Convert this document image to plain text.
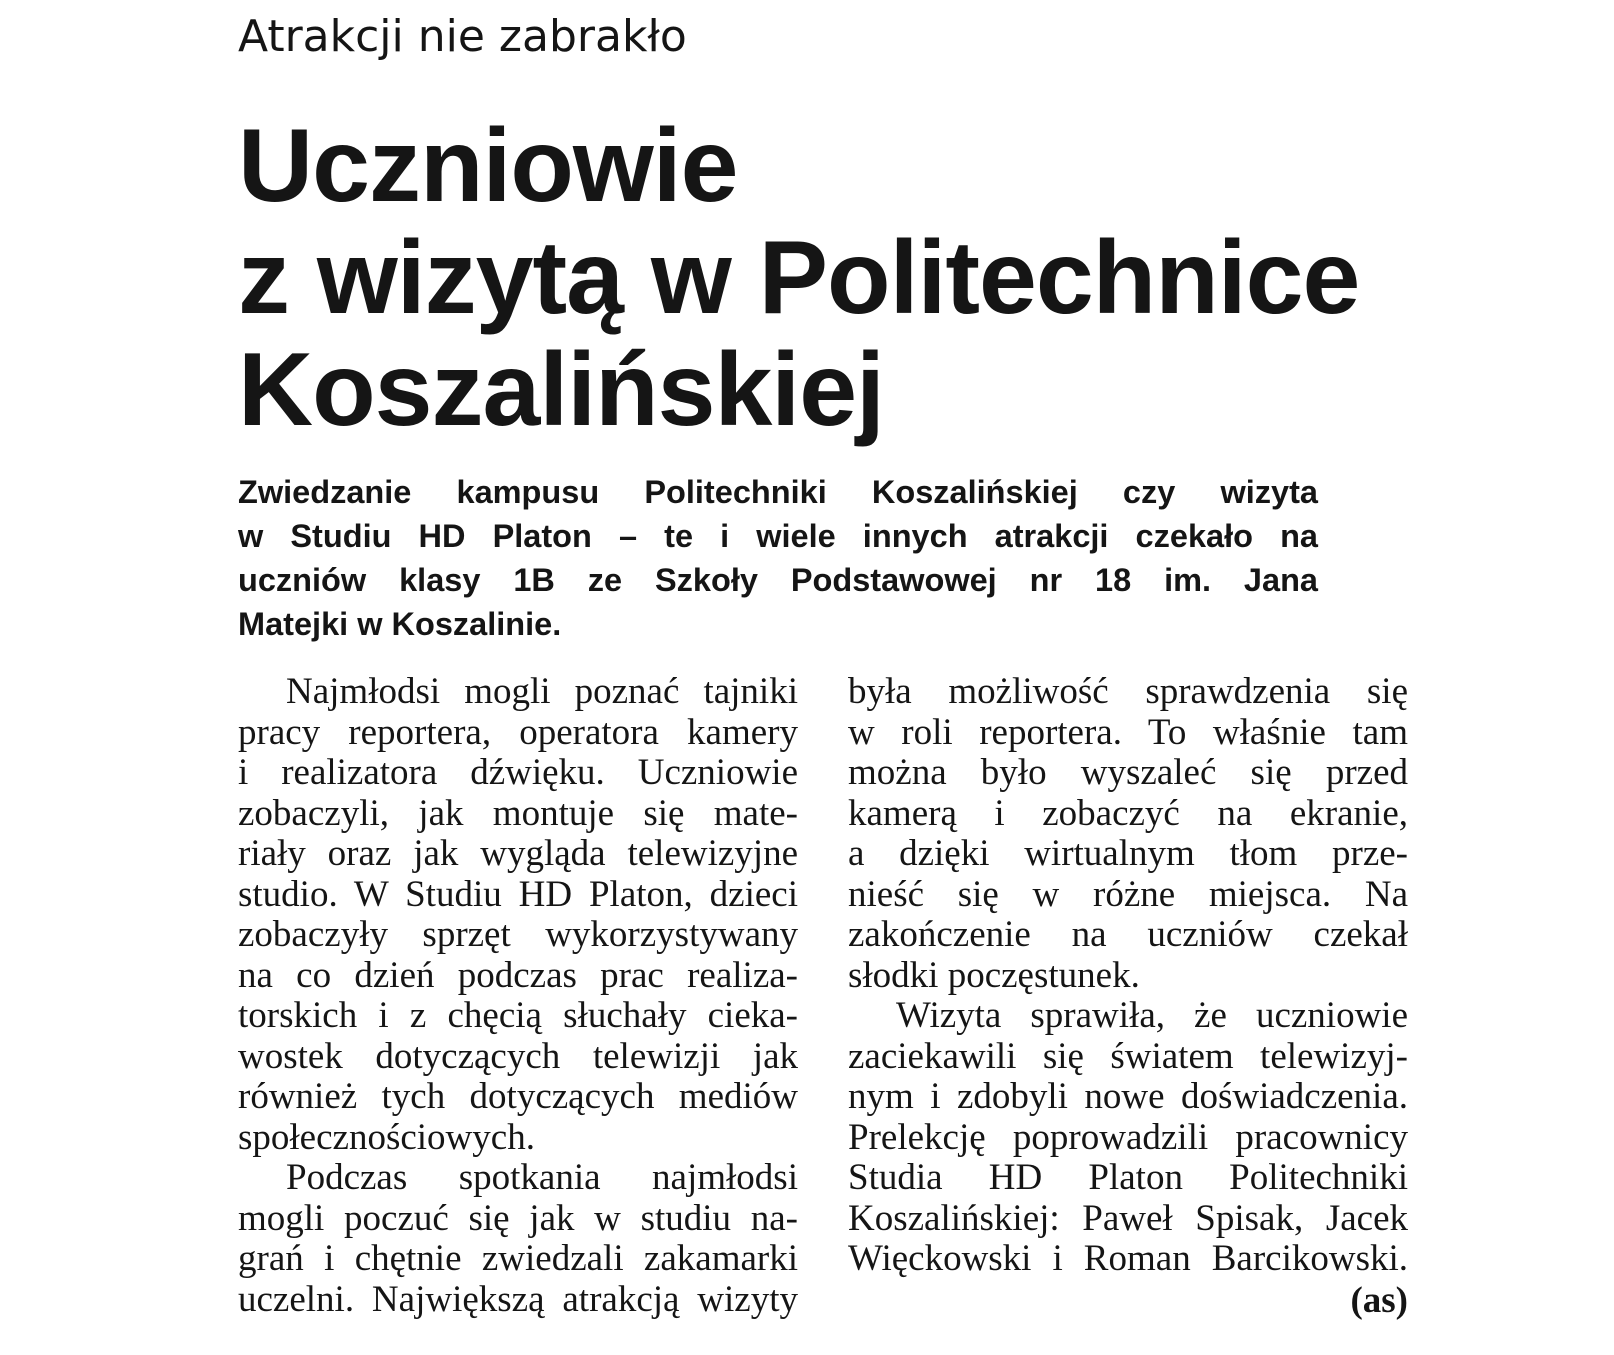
Atrakcji nie zabrakło
Uczniowie
z wizytą w Politechnice
Koszalińskiej
Zwiedzanie kampusu Politechniki Koszalińskiej czy wizyta
w Studiu HD Platon – te i wiele innych atrakcji czekało na
uczniów klasy 1B ze Szkoły Podstawowej nr 18 im. Jana
Matejki w Koszalinie.
Najmłodsi mogli poznać tajniki
pracy reportera, operatora kamery
i realizatora dźwięku. Uczniowie
zobaczyli, jak montuje się mate-
riały oraz jak wygląda telewizyjne
studio. W Studiu HD Platon, dzieci
zobaczyły sprzęt wykorzystywany
na co dzień podczas prac realiza-
torskich i z chęcią słuchały cieka-
wostek dotyczących telewizji jak
również tych dotyczących mediów
społecznościowych.
Podczas spotkania najmłodsi
mogli poczuć się jak w studiu na-
grań i chętnie zwiedzali zakamarki
uczelni. Największą atrakcją wizyty
była możliwość sprawdzenia się
w roli reportera. To właśnie tam
można było wyszaleć się przed
kamerą i zobaczyć na ekranie,
a dzięki wirtualnym tłom prze-
nieść się w różne miejsca. Na
zakończenie na uczniów czekał
słodki poczęstunek.
Wizyta sprawiła, że uczniowie
zaciekawili się światem telewizyj-
nym i zdobyli nowe doświadczenia.
Prelekcję poprowadzili pracownicy
Studia HD Platon Politechniki
Koszalińskiej: Paweł Spisak, Jacek
Więckowski i Roman Barcikowski.
(as)
